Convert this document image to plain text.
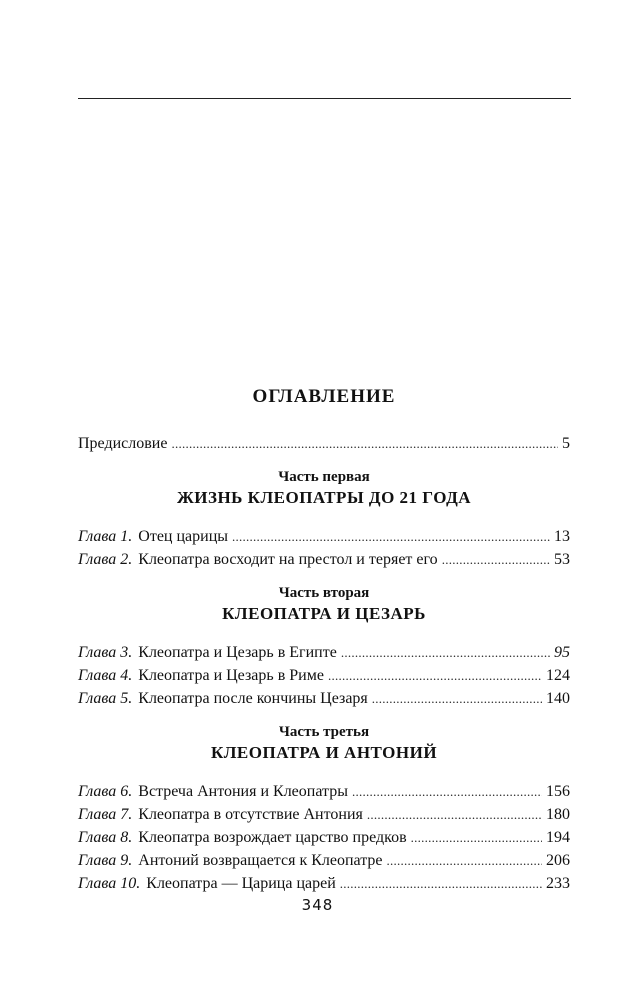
ОГЛАВЛЕНИЕ
Предисловие . . .	5
Часть первая
ЖИЗНЬ КЛЕОПАТРЫ ДО 21 ГОДА
Глава 1. Отец царицы . . .	13
Глава 2. Клеопатра восходит на престол и теряет его . . .	53
Часть вторая
КЛЕОПАТРА И ЦЕЗАРЬ
Глава 3. Клеопатра и Цезарь в Египте . . .	95
Глава 4. Клеопатра и Цезарь в Риме . . .	124
Глава 5. Клеопатра после кончины Цезаря . . .	140
Часть третья
КЛЕОПАТРА И АНТОНИЙ
Глава 6. Встреча Антония и Клеопатры . . .	156
Глава 7. Клеопатра в отсутствие Антония . . .	180
Глава 8. Клеопатра возрождает царство предков . . .	194
Глава 9. Антоний возвращается к Клеопатре . . .	206
Глава 10. Клеопатра — Царица царей . . .	233
348
